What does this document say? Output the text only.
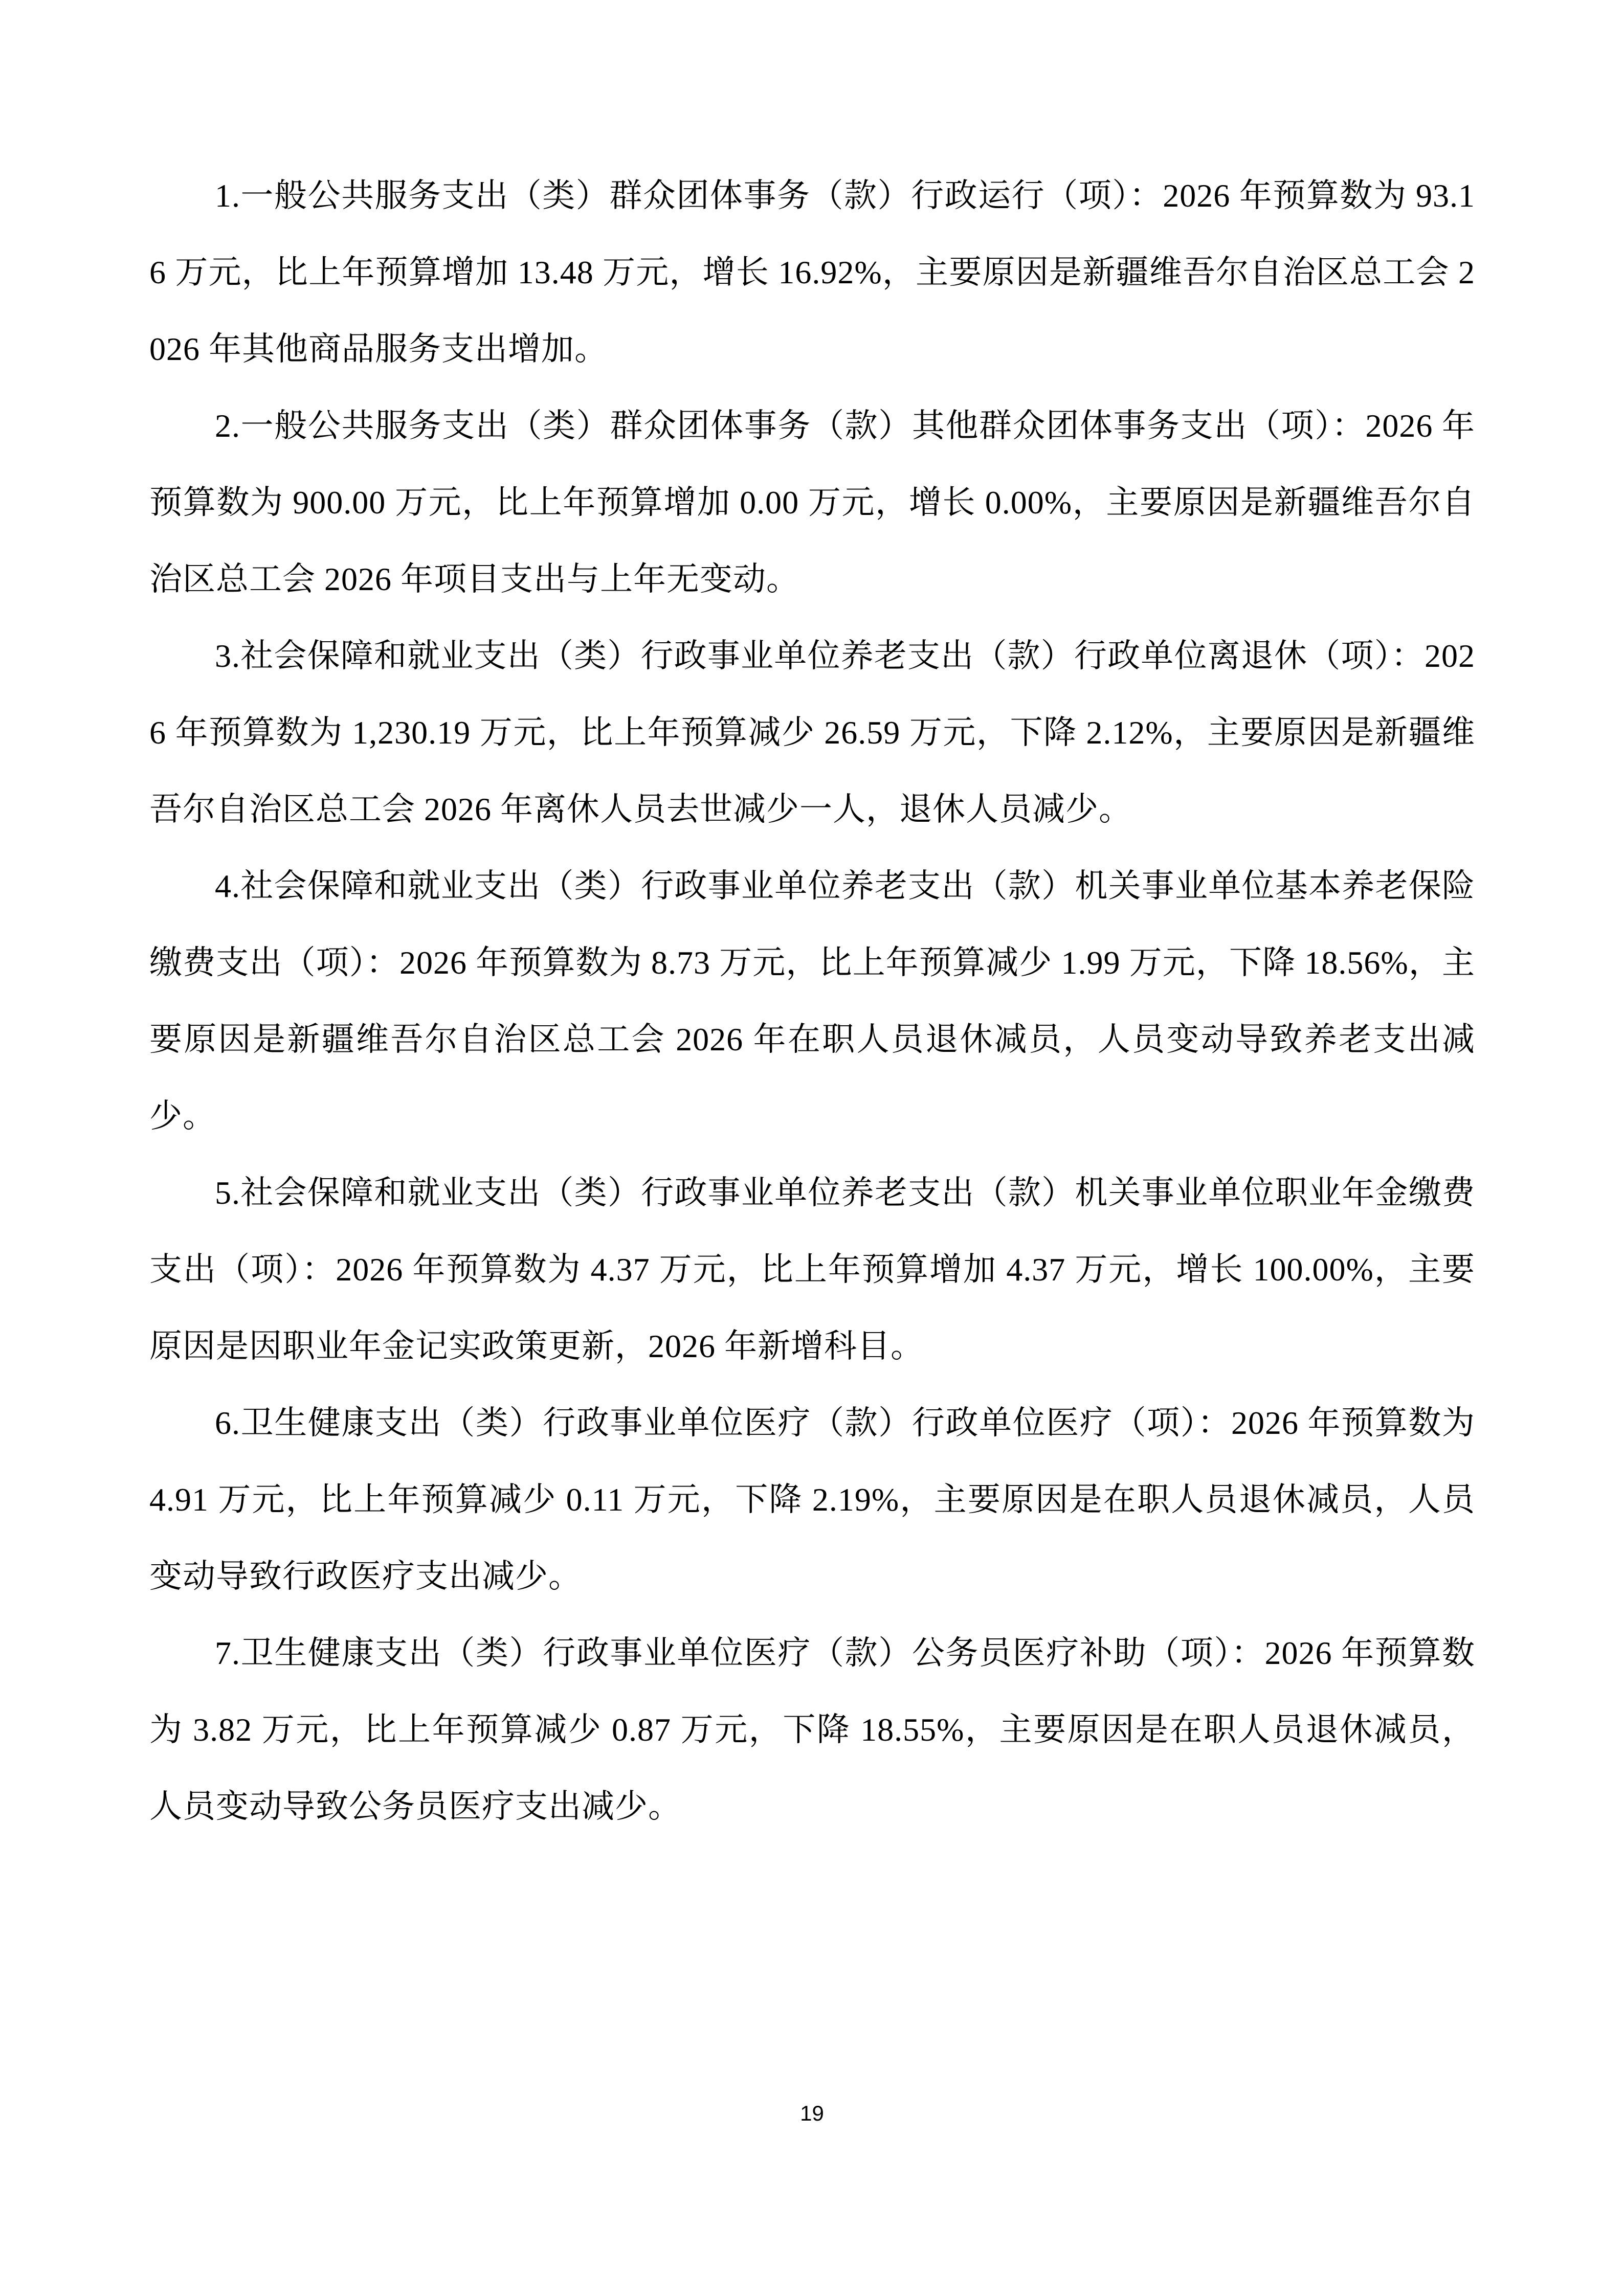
1.一般公共服务支出（类）群众团体事务（款）行政运行（项）：2026 年预算数为 93.16 万元，比上年预算增加 13.48 万元，增长 16.92%，主要原因是新疆维吾尔自治区总工会 2026 年其他商品服务支出增加。

2.一般公共服务支出（类）群众团体事务（款）其他群众团体事务支出（项）：2026 年预算数为 900.00 万元，比上年预算增加 0.00 万元，增长 0.00%，主要原因是新疆维吾尔自治区总工会 2026 年项目支出与上年无变动。

3.社会保障和就业支出（类）行政事业单位养老支出（款）行政单位离退休（项）：2026 年预算数为 1,230.19 万元，比上年预算减少 26.59 万元，下降 2.12%，主要原因是新疆维吾尔自治区总工会 2026 年离休人员去世减少一人，退休人员减少。

4.社会保障和就业支出（类）行政事业单位养老支出（款）机关事业单位基本养老保险缴费支出（项）：2026 年预算数为 8.73 万元，比上年预算减少 1.99 万元，下降 18.56%，主要原因是新疆维吾尔自治区总工会 2026 年在职人员退休减员，人员变动导致养老支出减少。

5.社会保障和就业支出（类）行政事业单位养老支出（款）机关事业单位职业年金缴费支出（项）：2026 年预算数为 4.37 万元，比上年预算增加 4.37 万元，增长 100.00%，主要原因是因职业年金记实政策更新，2026 年新增科目。

6.卫生健康支出（类）行政事业单位医疗（款）行政单位医疗（项）：2026 年预算数为 4.91 万元，比上年预算减少 0.11 万元，下降 2.19%，主要原因是在职人员退休减员，人员变动导致行政医疗支出减少。

7.卫生健康支出（类）行政事业单位医疗（款）公务员医疗补助（项）：2026 年预算数为 3.82 万元，比上年预算减少 0.87 万元，下降 18.55%，主要原因是在职人员退休减员，人员变动导致公务员医疗支出减少。

19
